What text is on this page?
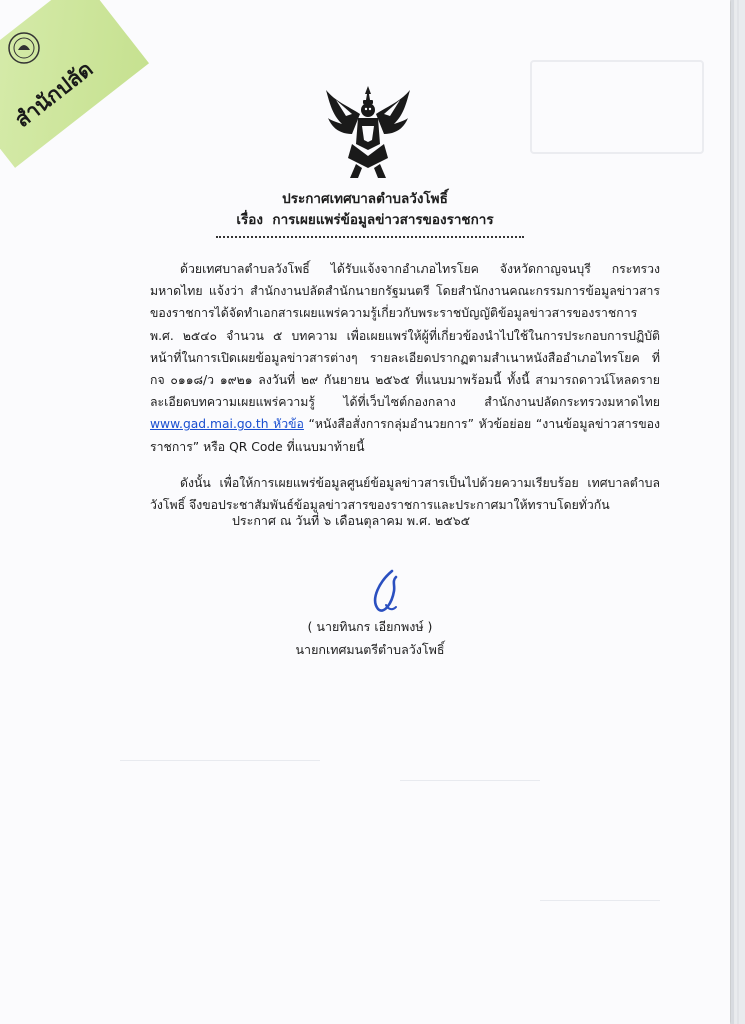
สำนักปลัด
ประกาศเทศบาลตำบลวังโพธิ์
เรื่อง การเผยแพร่ข้อมูลข่าวสารของราชการ
ด้วยเทศบาลตำบลวังโพธิ์ ได้รับแจ้งจากอำเภอไทรโยค จังหวัดกาญจนบุรี กระทรวงมหาดไทย แจ้งว่า สำนักงานปลัดสำนักนายกรัฐมนตรี โดยสำนักงานคณะกรรมการข้อมูลข่าวสารของราชการได้จัดทำเอกสารเผยแพร่ความรู้เกี่ยวกับพระราชบัญญัติข้อมูลข่าวสารของราชการ พ.ศ. ๒๕๔๐ จำนวน ๕ บทความ เพื่อเผยแพร่ให้ผู้ที่เกี่ยวข้องนำไปใช้ในการประกอบการปฏิบัติหน้าที่ในการเปิดเผยข้อมูลข่าวสารต่างๆ รายละเอียดปรากฏตามสำเนาหนังสืออำเภอไทรโยค ที่ กจ ๐๑๑๘/ว ๑๙๒๑ ลงวันที่ ๒๙ กันยายน ๒๕๖๕ ที่แนบมาพร้อมนี้ ทั้งนี้ สามารถดาวน์โหลดรายละเอียดบทความเผยแพร่ความรู้ ได้ที่เว็บไซต์กองกลาง สำนักงานปลัดกระทรวงมหาดไทย www.gad.mai.go.th หัวข้อ “หนังสือสั่งการกลุ่มอำนวยการ” หัวข้อย่อย “งานข้อมูลข่าวสารของราชการ” หรือ QR Code ที่แนบมาท้ายนี้
ดังนั้น เพื่อให้การเผยแพร่ข้อมูลศูนย์ข้อมูลข่าวสารเป็นไปด้วยความเรียบร้อย เทศบาลตำบลวังโพธิ์ จึงขอประชาสัมพันธ์ข้อมูลข่าวสารของราชการและประกาศมาให้ทราบโดยทั่วกัน
ประกาศ ณ วันที่ ๖ เดือนตุลาคม พ.ศ. ๒๕๖๕
( นายทินกร เอียกพงษ์ )
นายกเทศมนตรีตำบลวังโพธิ์
